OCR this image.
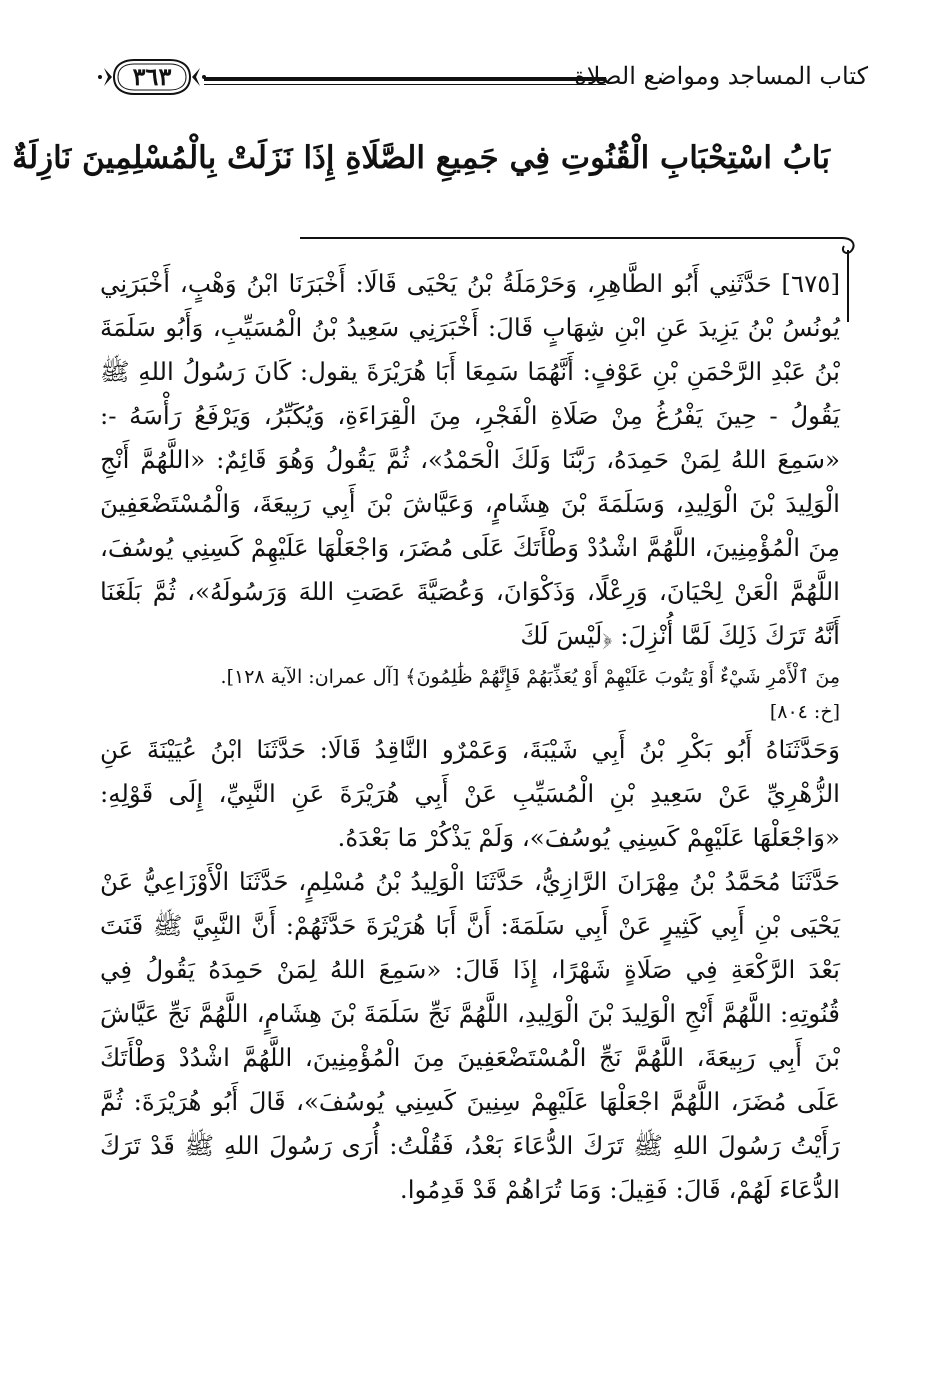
كتاب المساجد ومواضع الصلاة
٣٦٣
بَابُ اسْتِحْبَابِ الْقُنُوتِ فِي جَمِيعِ الصَّلَاةِ إِذَا نَزَلَتْ بِالْمُسْلِمِينَ نَازِلَةٌ

[٦٧٥] حَدَّثَنِي أَبُو الطَّاهِرِ، وَحَرْمَلَةُ بْنُ يَحْيَى قَالَا: أَخْبَرَنَا ابْنُ وَهْبٍ، أَخْبَرَنِي يُونُسُ بْنُ يَزِيدَ عَنِ ابْنِ شِهَابٍ قَالَ: أَخْبَرَنِي سَعِيدُ بْنُ الْمُسَيِّبِ، وَأَبُو سَلَمَةَ بْنُ عَبْدِ الرَّحْمَنِ بْنِ عَوْفٍ: أَنَّهُمَا سَمِعَا أَبَا هُرَيْرَةَ يقول: كَانَ رَسُولُ اللهِ ﷺ يَقُولُ - حِينَ يَفْرُغُ مِنْ صَلَاةِ الْفَجْرِ، مِنَ الْقِرَاءَةِ، وَيُكَبِّرُ، وَيَرْفَعُ رَأْسَهُ -: «سَمِعَ اللهُ لِمَنْ حَمِدَهُ، رَبَّنَا وَلَكَ الْحَمْدُ»، ثُمَّ يَقُولُ وَهُوَ قَائِمٌ: «اللَّهُمَّ أَنْجِ الْوَلِيدَ بْنَ الْوَلِيدِ، وَسَلَمَةَ بْنَ هِشَامٍ، وَعَيَّاشَ بْنَ أَبِي رَبِيعَةَ، وَالْمُسْتَضْعَفِينَ مِنَ الْمُؤْمِنِينَ، اللَّهُمَّ اشْدُدْ وَطْأَتَكَ عَلَى مُضَرَ، وَاجْعَلْهَا عَلَيْهِمْ كَسِنِي يُوسُفَ، اللَّهُمَّ الْعَنْ لِحْيَانَ، وَرِعْلًا، وَذَكْوَانَ، وَعُصَيَّةَ عَصَتِ اللهَ وَرَسُولَهُ»، ثُمَّ بَلَغَنَا أَنَّهُ تَرَكَ ذَلِكَ لَمَّا أُنْزِلَ: ﴿لَيْسَ لَكَ

مِنَ ٱلْأَمْرِ شَيْءٌ أَوْ يَتُوبَ عَلَيْهِمْ أَوْ يُعَذِّبَهُمْ فَإِنَّهُمْ ظَٰلِمُونَ﴾ [آل عمران: الآية ١٢٨].
[خ: ٨٠٤]

وَحَدَّثَنَاهُ أَبُو بَكْرِ بْنُ أَبِي شَيْبَةَ، وَعَمْرٌو النَّاقِدُ قَالَا: حَدَّثَنَا ابْنُ عُيَيْنَةَ عَنِ الزُّهْرِيِّ عَنْ سَعِيدِ بْنِ الْمُسَيِّبِ عَنْ أَبِي هُرَيْرَةَ عَنِ النَّبِيِّ، إِلَى قَوْلِهِ: «وَاجْعَلْهَا عَلَيْهِمْ كَسِنِي يُوسُفَ»، وَلَمْ يَذْكُرْ مَا بَعْدَهُ.

حَدَّثَنَا مُحَمَّدُ بْنُ مِهْرَانَ الرَّازِيُّ، حَدَّثَنَا الْوَلِيدُ بْنُ مُسْلِمٍ، حَدَّثَنَا الْأَوْزَاعِيُّ عَنْ يَحْيَى بْنِ أَبِي كَثِيرٍ عَنْ أَبِي سَلَمَةَ: أَنَّ أَبَا هُرَيْرَةَ حَدَّثَهُمْ: أَنَّ النَّبِيَّ ﷺ قَنَتَ بَعْدَ الرَّكْعَةِ فِي صَلَاةٍ شَهْرًا، إِذَا قَالَ: «سَمِعَ اللهُ لِمَنْ حَمِدَهُ يَقُولُ فِي قُنُوتِهِ: اللَّهُمَّ أَنْجِ الْوَلِيدَ بْنَ الْوَلِيدِ، اللَّهُمَّ نَجِّ سَلَمَةَ بْنَ هِشَامٍ، اللَّهُمَّ نَجِّ عَيَّاشَ بْنَ أَبِي رَبِيعَةَ، اللَّهُمَّ نَجِّ الْمُسْتَضْعَفِينَ مِنَ الْمُؤْمِنِينَ، اللَّهُمَّ اشْدُدْ وَطْأَتَكَ عَلَى مُضَرَ، اللَّهُمَّ اجْعَلْهَا عَلَيْهِمْ سِنِينَ كَسِنِي يُوسُفَ»، قَالَ أَبُو هُرَيْرَةَ: ثُمَّ رَأَيْتُ رَسُولَ اللهِ ﷺ تَرَكَ الدُّعَاءَ بَعْدُ، فَقُلْتُ: أُرَى رَسُولَ اللهِ ﷺ قَدْ تَرَكَ الدُّعَاءَ لَهُمْ، قَالَ: فَقِيلَ: وَمَا تُرَاهُمْ قَدْ قَدِمُوا.
